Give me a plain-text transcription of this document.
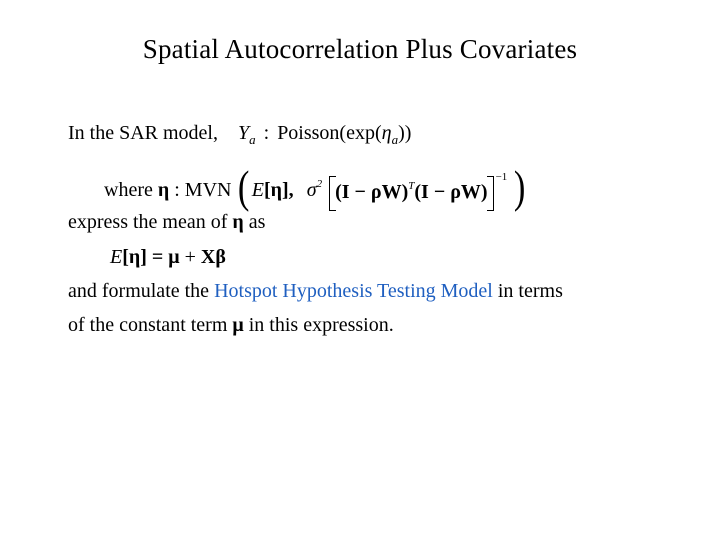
Spatial Autocorrelation Plus Covariates
In the SAR model, $Y_a$ : $Poisson(\exp(\eta_a))$
where η : MVN (E[η], $\sigma^2$ $(I - \rho W)^T(I - \rho W)^{-1}$ )
express the mean of η as
E[η] = μ + Xβ
and formulate the Hotspot Hypothesis Testing Model in terms
of the constant term μ in this expression.
